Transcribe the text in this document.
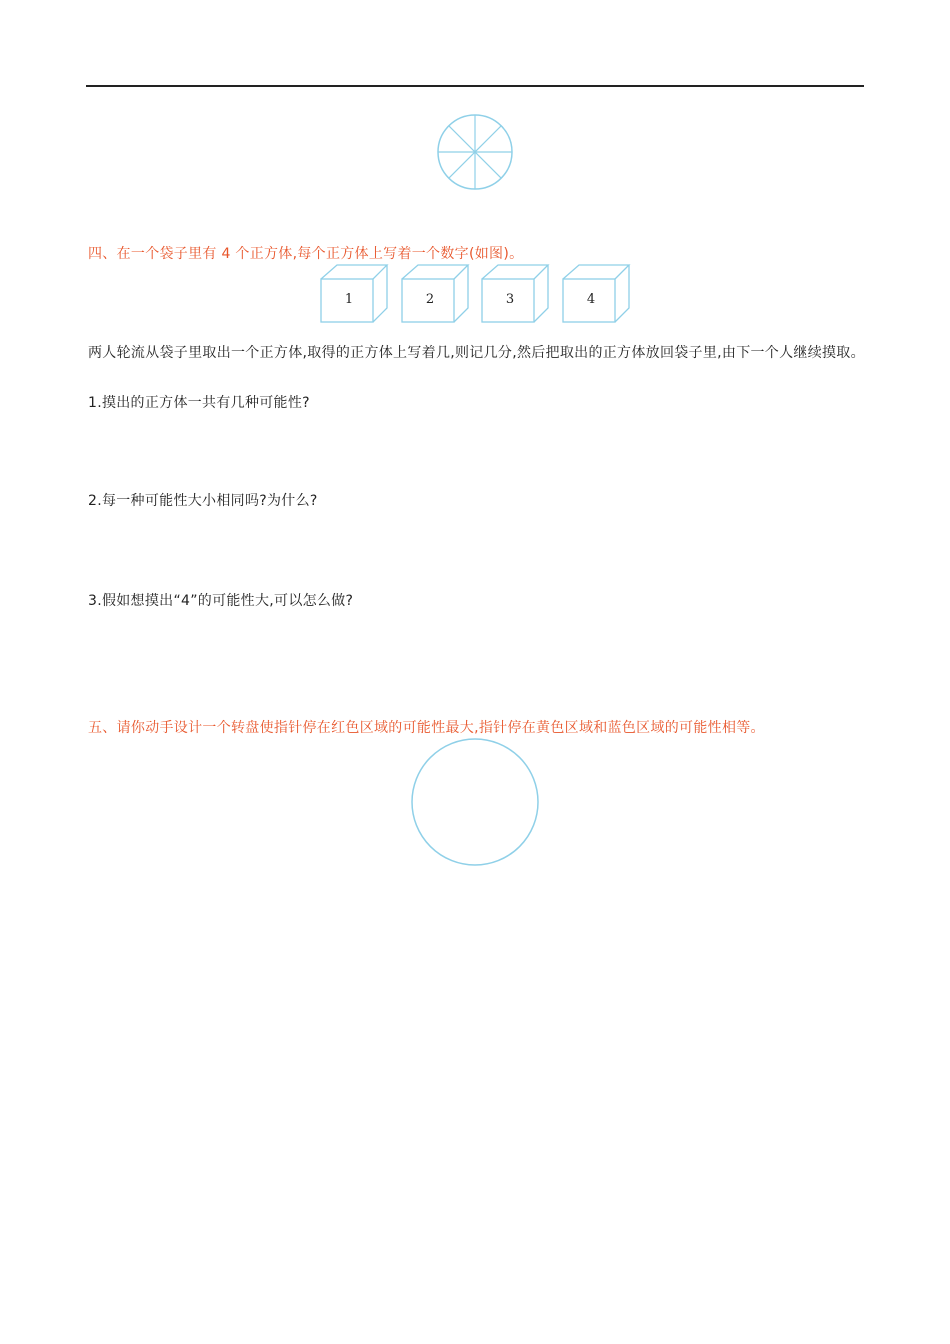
四、在一个袋子里有 4 个正方体,每个正方体上写着一个数字(如图)。
1	2	3	4
两人轮流从袋子里取出一个正方体,取得的正方体上写着几,则记几分,然后把取出的正方体放回袋子里,由下一个人继续摸取。
1.摸出的正方体一共有几种可能性?
2.每一种可能性大小相同吗?为什么?
3.假如想摸出“4”的可能性大,可以怎么做?
五、请你动手设计一个转盘使指针停在红色区域的可能性最大,指针停在黄色区域和蓝色区域的可能性相等。
